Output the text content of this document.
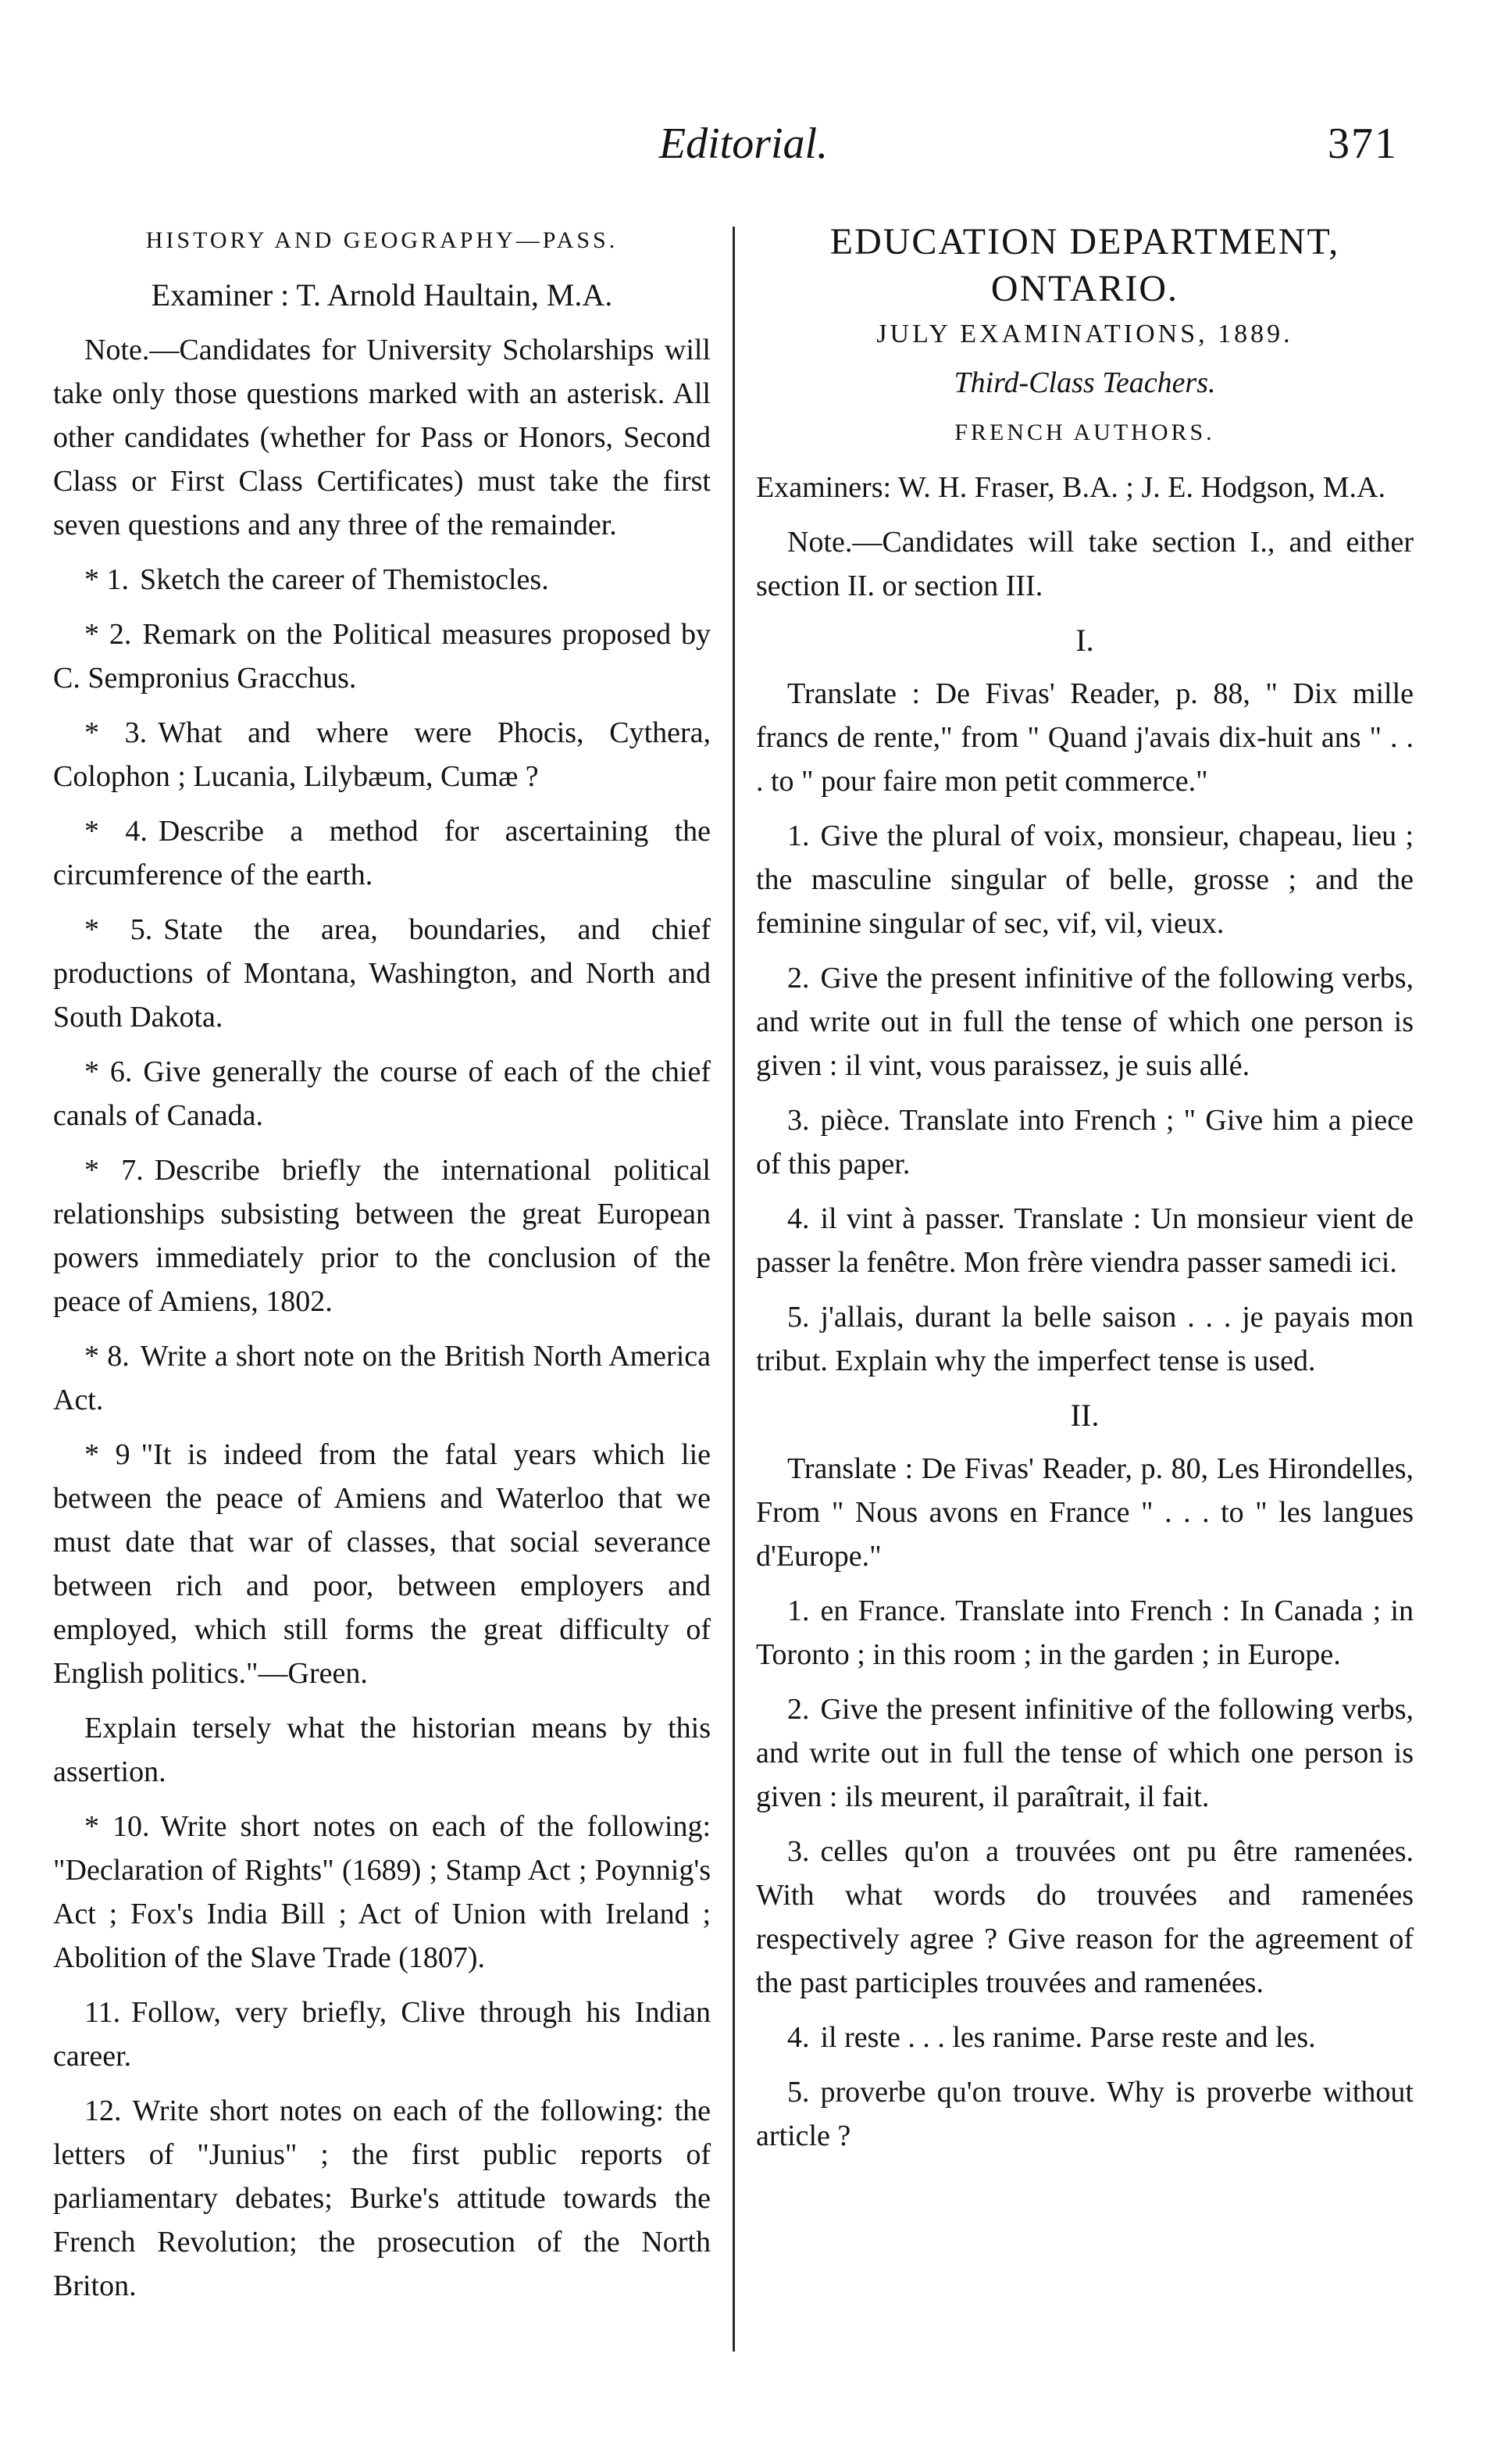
Editorial.	371

HISTORY AND GEOGRAPHY—PASS.

Examiner : T. Arnold Haultain, M.A.

Note.—Candidates for University Scholarships will take only those questions marked with an asterisk. All other candidates (whether for Pass or Honors, Second Class or First Class Certificates) must take the first seven questions and any three of the remainder.

* 1. Sketch the career of Themistocles.

* 2. Remark on the Political measures proposed by C. Sempronius Gracchus.

* 3. What and where were Phocis, Cythera, Colophon ; Lucania, Lilybæum, Cumæ ?

* 4. Describe a method for ascertaining the circumference of the earth.

* 5. State the area, boundaries, and chief productions of Montana, Washington, and North and South Dakota.

* 6. Give generally the course of each of the chief canals of Canada.

* 7. Describe briefly the international political relationships subsisting between the great European powers immediately prior to the conclusion of the peace of Amiens, 1802.

* 8. Write a short note on the British North America Act.

* 9 "It is indeed from the fatal years which lie between the peace of Amiens and Waterloo that we must date that war of classes, that social severance between rich and poor, between employers and employed, which still forms the great difficulty of English politics."—Green.

Explain tersely what the historian means by this assertion.

* 10. Write short notes on each of the following: "Declaration of Rights" (1689) ; Stamp Act ; Poynnig's Act ; Fox's India Bill ; Act of Union with Ireland ; Abolition of the Slave Trade (1807).

11. Follow, very briefly, Clive through his Indian career.

12. Write short notes on each of the following: the letters of "Junius" ; the first public reports of parliamentary debates; Burke's attitude towards the French Revolution; the prosecution of the North Briton.

EDUCATION DEPARTMENT,

ONTARIO.

JULY EXAMINATIONS, 1889.

Third-Class Teachers.

FRENCH AUTHORS.

Examiners: W. H. Fraser, B.A. ; J. E. Hodgson, M.A.

Note.—Candidates will take section I., and either section II. or section III.

I.

Translate : De Fivas' Reader, p. 88, " Dix mille francs de rente," from " Quand j'avais dix-huit ans " . . . to " pour faire mon petit commerce."

1. Give the plural of voix, monsieur, chapeau, lieu ; the masculine singular of belle, grosse ; and the feminine singular of sec, vif, vil, vieux.

2. Give the present infinitive of the following verbs, and write out in full the tense of which one person is given : il vint, vous paraissez, je suis allé.

3. pièce. Translate into French ; " Give him a piece of this paper.

4. il vint à passer. Translate : Un monsieur vient de passer la fenêtre. Mon frère viendra passer samedi ici.

5. j'allais, durant la belle saison . . . je payais mon tribut. Explain why the imperfect tense is used.

II.

Translate : De Fivas' Reader, p. 80, Les Hirondelles, From " Nous avons en France " . . . to " les langues d'Europe."

1. en France. Translate into French : In Canada ; in Toronto ; in this room ; in the garden ; in Europe.

2. Give the present infinitive of the following verbs, and write out in full the tense of which one person is given : ils meurent, il paraîtrait, il fait.

3. celles qu'on a trouvées ont pu être ramenées. With what words do trouvées and ramenées respectively agree ? Give reason for the agreement of the past participles trouvées and ramenées.

4. il reste . . . les ranime. Parse reste and les.

5. proverbe qu'on trouve. Why is proverbe without article ?
